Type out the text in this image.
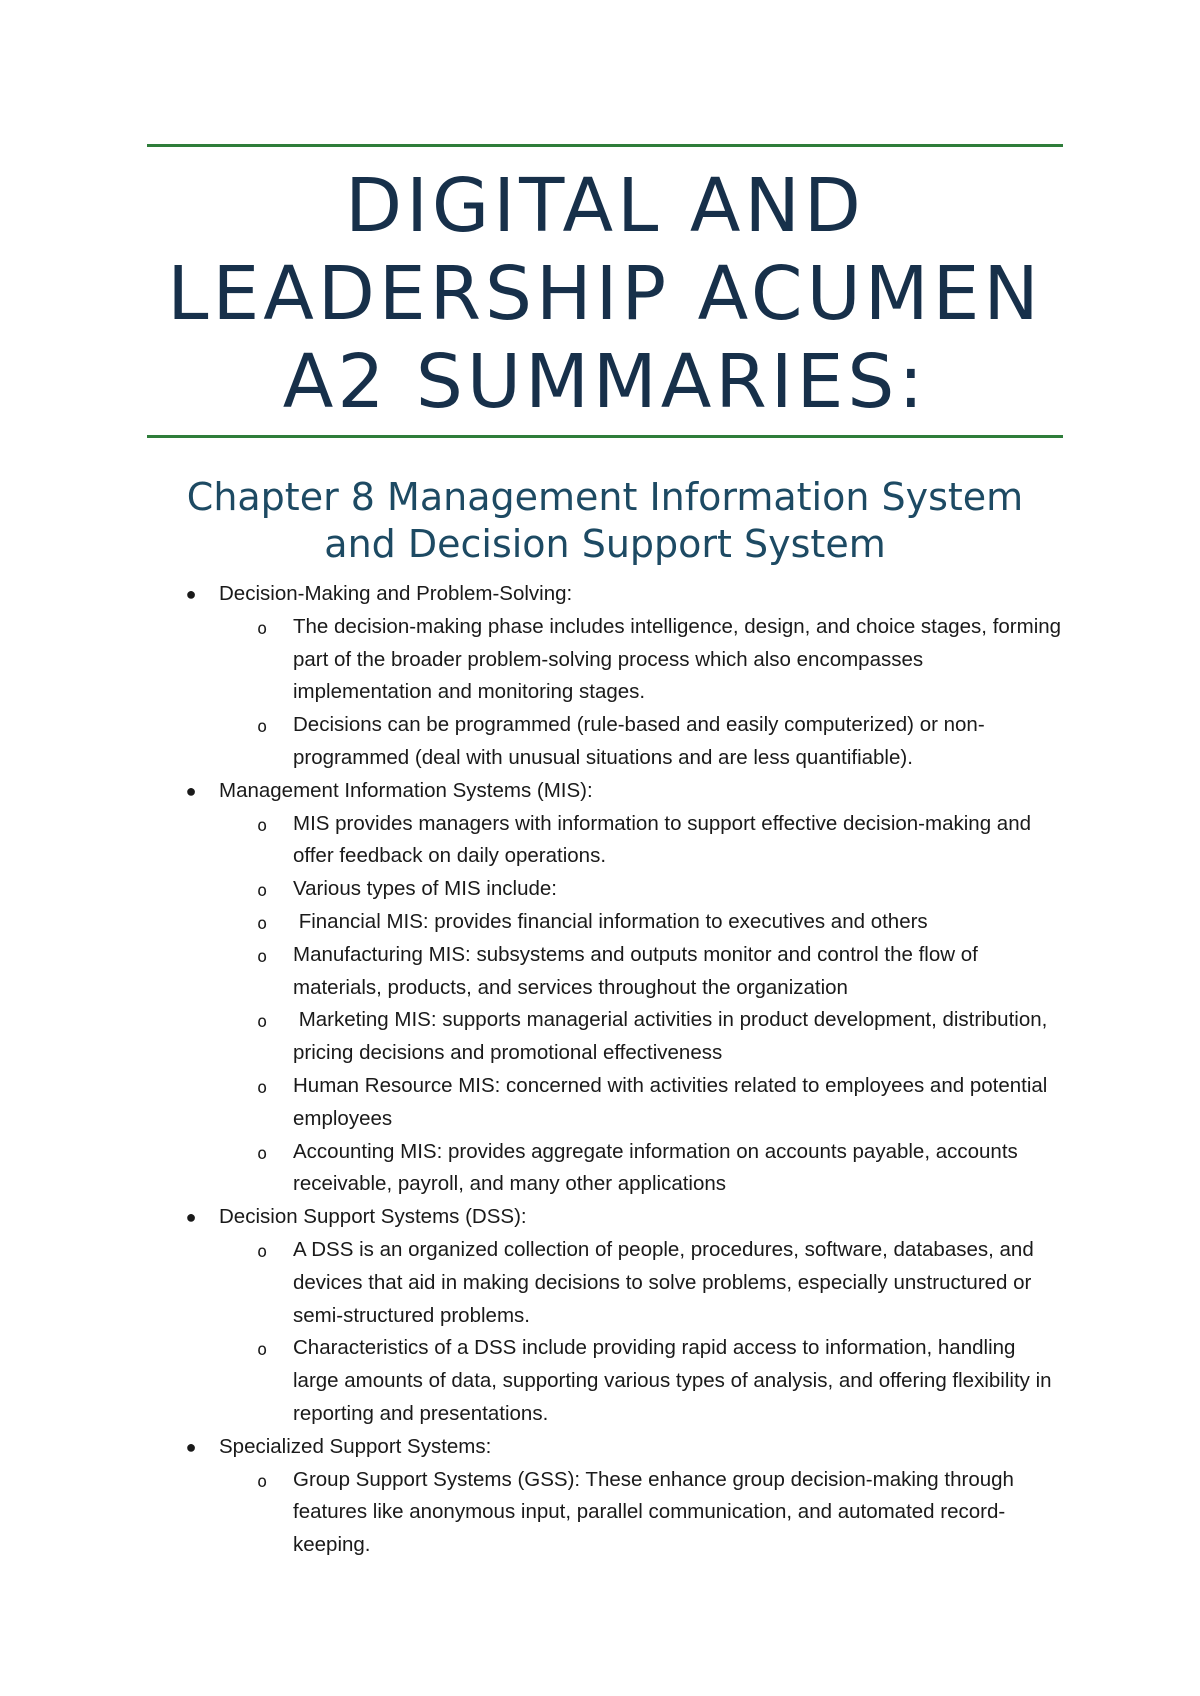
DIGITAL AND
LEADERSHIP ACUMEN
A2 SUMMARIES:
Chapter 8 Management Information System
and Decision Support System
● Decision-Making and Problem-Solving:
o	The decision-making phase includes intelligence, design, and choice stages, forming part of the broader problem-solving process which also encompasses implementation and monitoring stages.
o	Decisions can be programmed (rule-based and easily computerized) or non-programmed (deal with unusual situations and are less quantifiable).
● Management Information Systems (MIS):
o	MIS provides managers with information to support effective decision-making and offer feedback on daily operations.
o	Various types of MIS include:
o	Financial MIS: provides financial information to executives and others
o	Manufacturing MIS: subsystems and outputs monitor and control the flow of materials, products, and services throughout the organization
o	Marketing MIS: supports managerial activities in product development, distribution, pricing decisions and promotional effectiveness
o	Human Resource MIS: concerned with activities related to employees and potential employees
o	Accounting MIS: provides aggregate information on accounts payable, accounts receivable, payroll, and many other applications
● Decision Support Systems (DSS):
o	A DSS is an organized collection of people, procedures, software, databases, and devices that aid in making decisions to solve problems, especially unstructured or semi-structured problems.
o	Characteristics of a DSS include providing rapid access to information, handling large amounts of data, supporting various types of analysis, and offering flexibility in reporting and presentations.
● Specialized Support Systems:
o	Group Support Systems (GSS): These enhance group decision-making through features like anonymous input, parallel communication, and automated record-keeping.
